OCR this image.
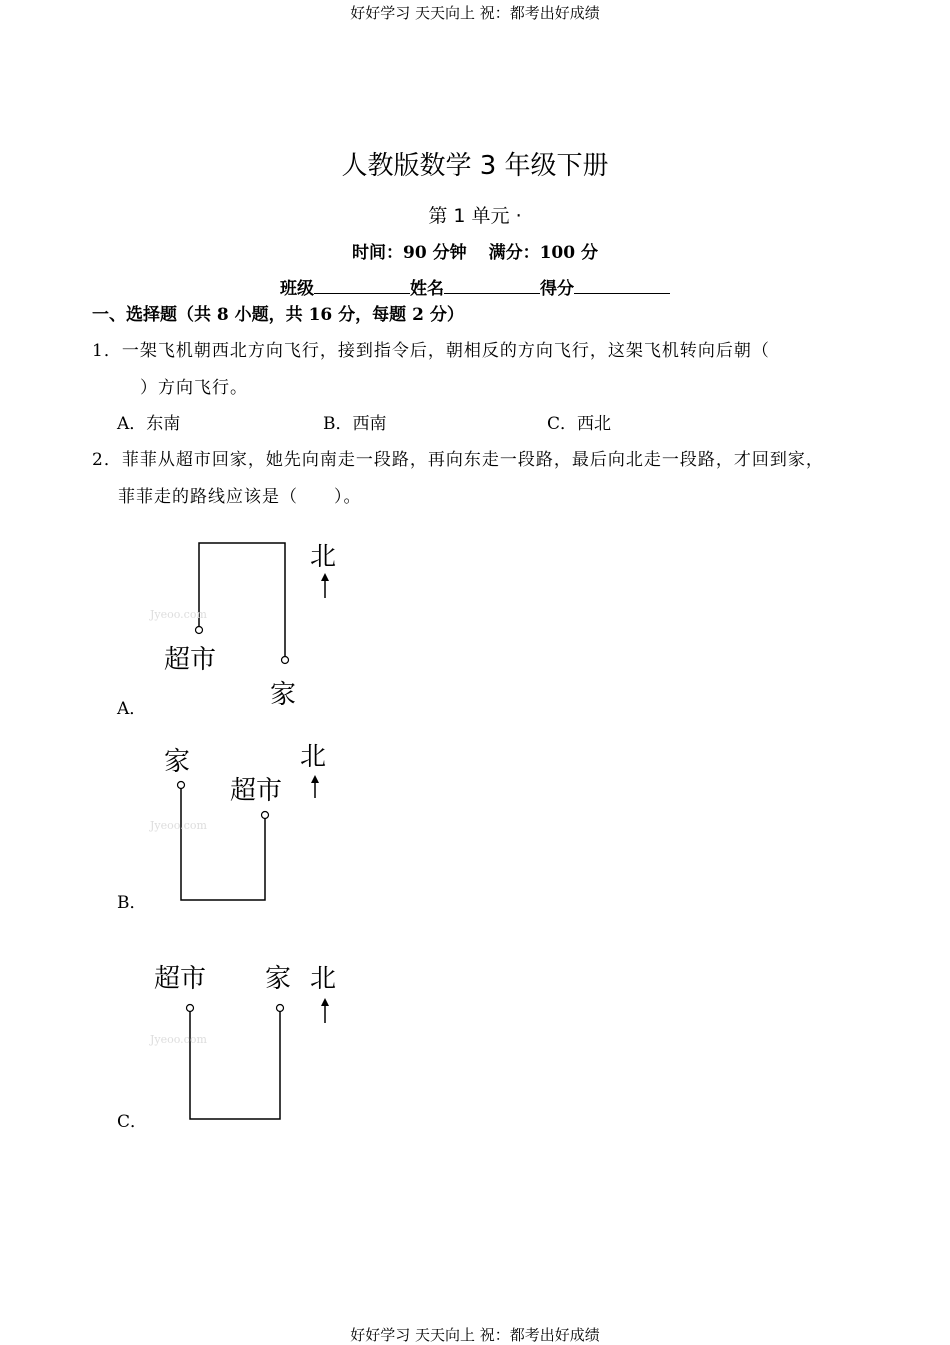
好好学习 天天向上 祝：都考出好成绩
人教版数学 3 年级下册
第 1 单元 ·
时间：90 分钟 满分：100 分
班级	姓名	得分
一、选择题（共 8 小题，共 16 分，每题 2 分）
1．一架飞机朝西北方向飞行，接到指令后，朝相反的方向飞行，这架飞机转向后朝（
）方向飞行。
A．东南	B．西南	C．西北
2．菲菲从超市回家，她先向南走一段路，再向东走一段路，最后向北走一段路，才回到家，
菲菲走的路线应该是（　　）。
A．
Jyeoo.com
超市
家
北
B．
Jyeoo.com
家
超市
北
C．
Jyeoo.com
超市 家 北
好好学习 天天向上 祝：都考出好成绩
